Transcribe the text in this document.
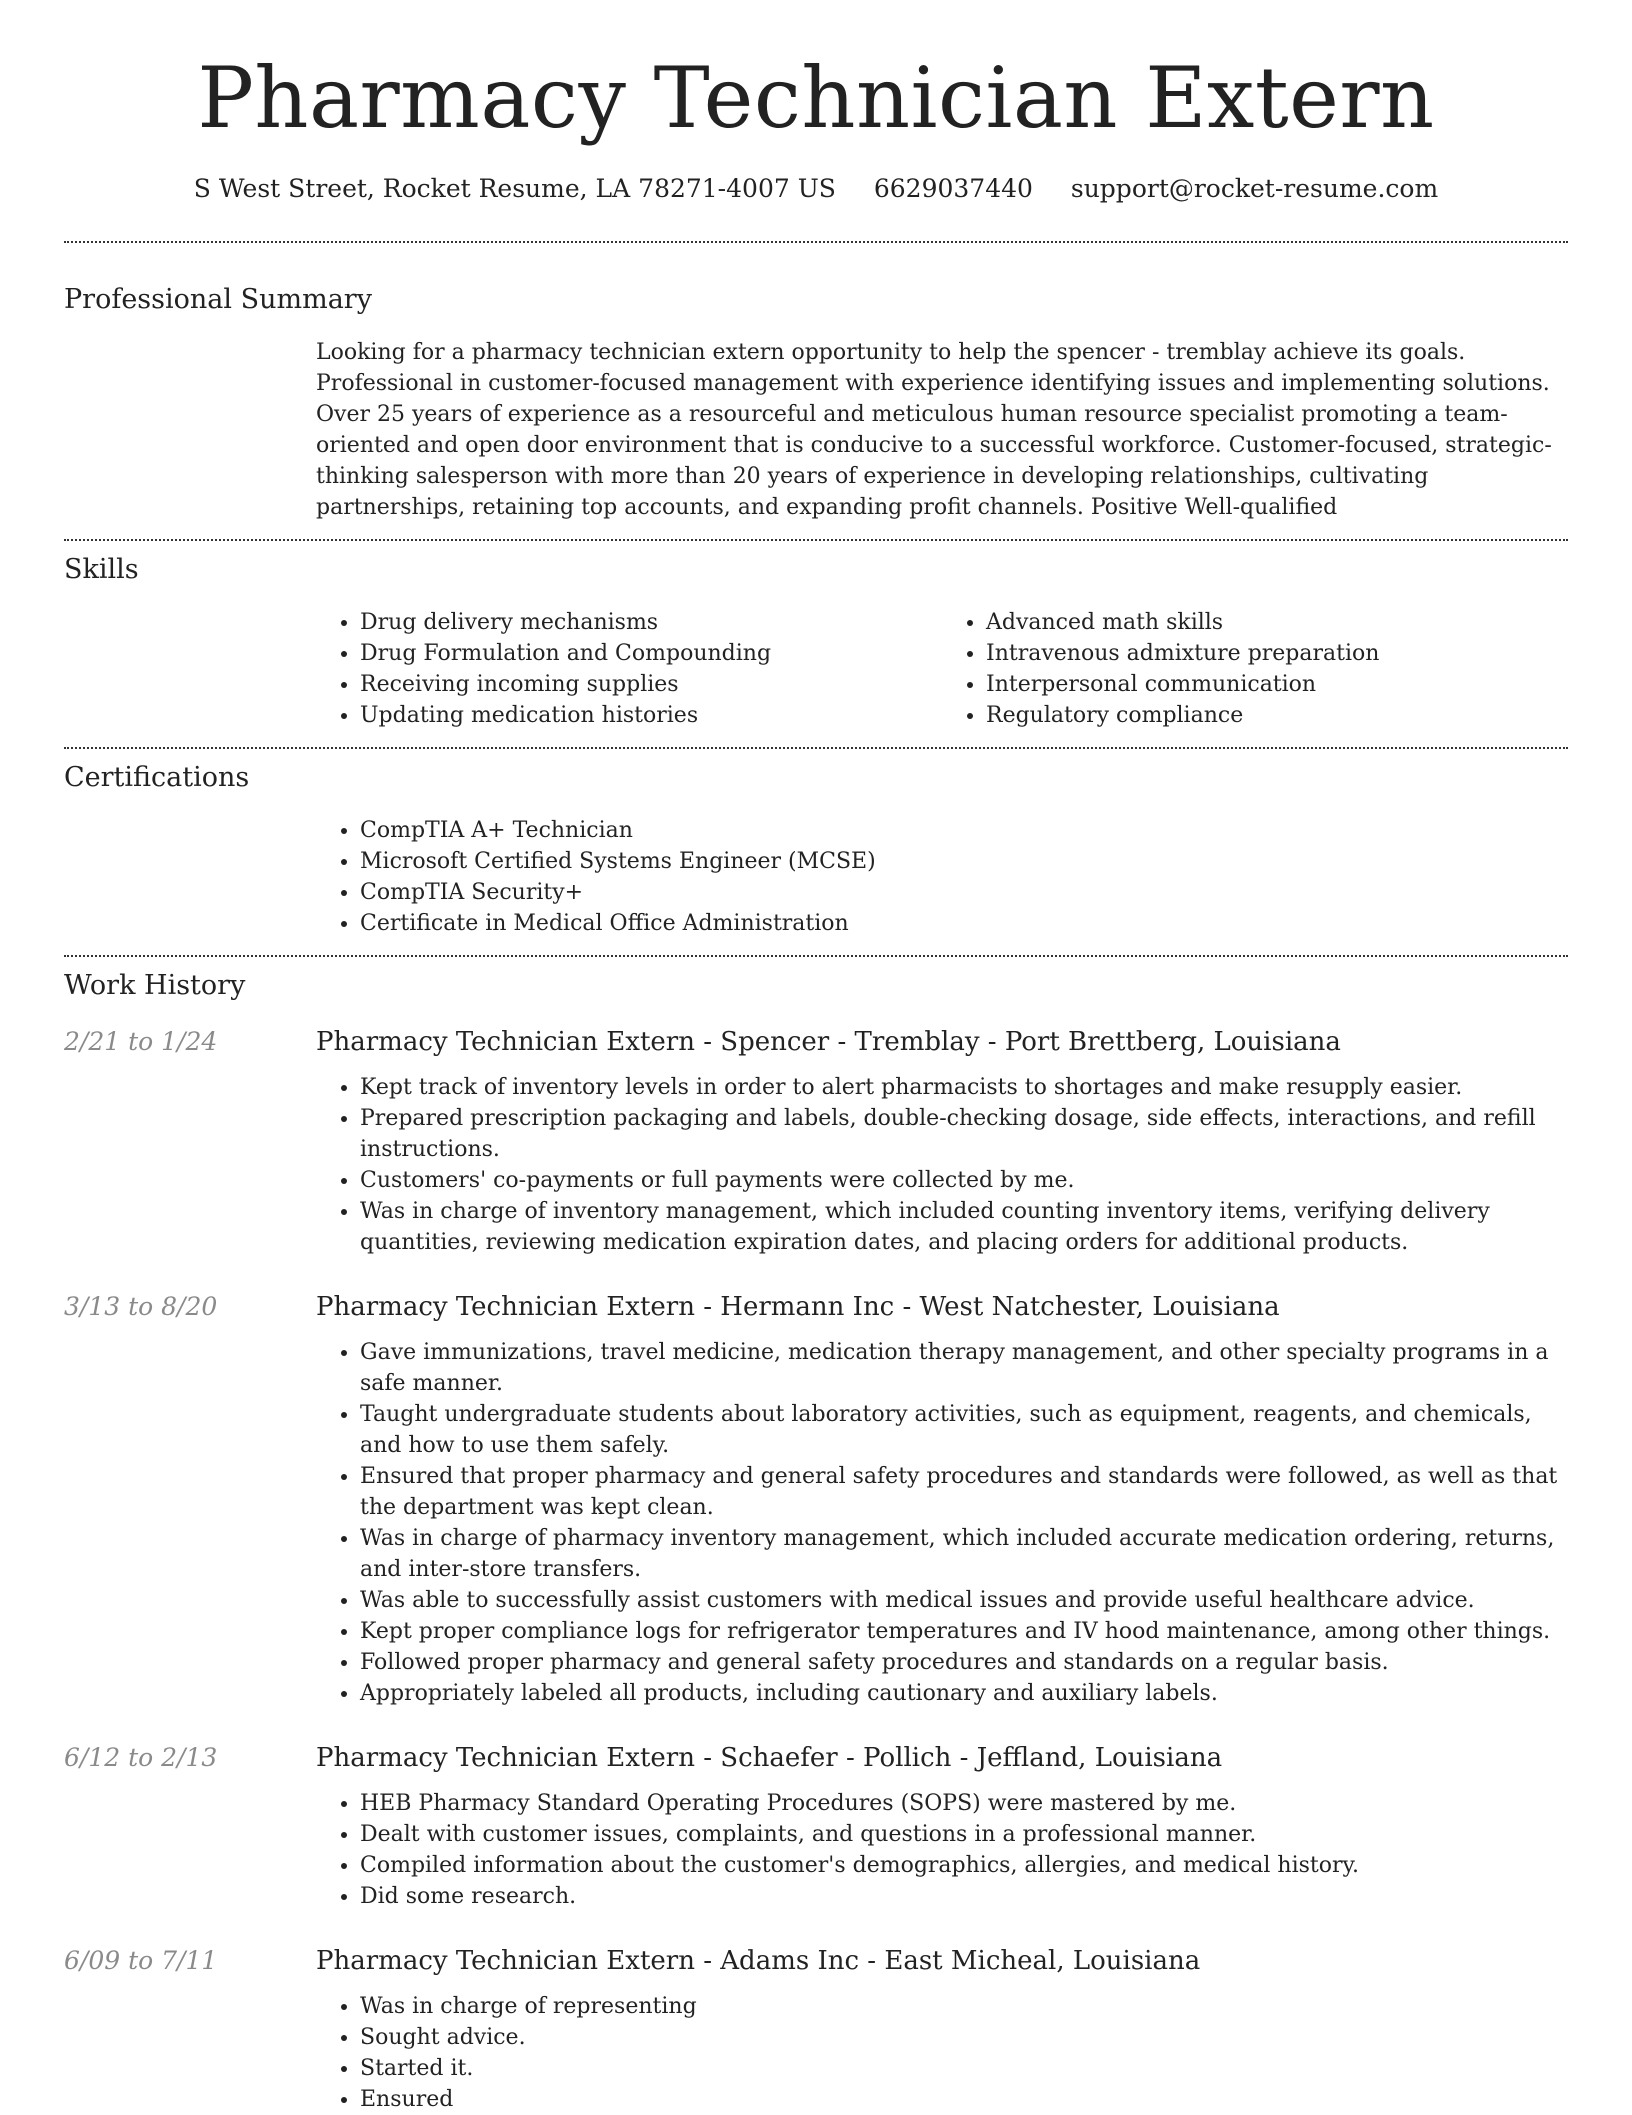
Pharmacy Technician Extern
S West Street, Rocket Resume, LA 78271-4007 US 6629037440 support@rocket-resume.com
Professional Summary

Looking for a pharmacy technician extern opportunity to help the spencer - tremblay achieve its goals. Professional in customer-focused management with experience identifying issues and implementing solutions. Over 25 years of experience as a resourceful and meticulous human resource specialist promoting a team-oriented and open door environment that is conducive to a successful workforce. Customer-focused, strategic-thinking salesperson with more than 20 years of experience in developing relationships, cultivating partnerships, retaining top accounts, and expanding profit channels. Positive Well-qualified

Skills
• Drug delivery mechanisms
• Drug Formulation and Compounding
• Receiving incoming supplies
• Updating medication histories
• Advanced math skills
• Intravenous admixture preparation
• Interpersonal communication
• Regulatory compliance
Certifications
• CompTIA A+ Technician
• Microsoft Certified Systems Engineer (MCSE)
• CompTIA Security+
• Certificate in Medical Office Administration
Work History
2/21 to 1/24	Pharmacy Technician Extern - Spencer - Tremblay - Port Brettberg, Louisiana
• Kept track of inventory levels in order to alert pharmacists to shortages and make resupply easier.
• Prepared prescription packaging and labels, double-checking dosage, side effects, interactions, and refill instructions.
• Customers' co-payments or full payments were collected by me.
• Was in charge of inventory management, which included counting inventory items, verifying delivery quantities, reviewing medication expiration dates, and placing orders for additional products.
3/13 to 8/20	Pharmacy Technician Extern - Hermann Inc - West Natchester, Louisiana
• Gave immunizations, travel medicine, medication therapy management, and other specialty programs in a safe manner.
• Taught undergraduate students about laboratory activities, such as equipment, reagents, and chemicals, and how to use them safely.
• Ensured that proper pharmacy and general safety procedures and standards were followed, as well as that the department was kept clean.
• Was in charge of pharmacy inventory management, which included accurate medication ordering, returns, and inter-store transfers.
• Was able to successfully assist customers with medical issues and provide useful healthcare advice.
• Kept proper compliance logs for refrigerator temperatures and IV hood maintenance, among other things.
• Followed proper pharmacy and general safety procedures and standards on a regular basis.
• Appropriately labeled all products, including cautionary and auxiliary labels.
6/12 to 2/13	Pharmacy Technician Extern - Schaefer - Pollich - Jeffland, Louisiana
• HEB Pharmacy Standard Operating Procedures (SOPS) were mastered by me.
• Dealt with customer issues, complaints, and questions in a professional manner.
• Compiled information about the customer's demographics, allergies, and medical history.
• Did some research.
6/09 to 7/11	Pharmacy Technician Extern - Adams Inc - East Micheal, Louisiana
• Was in charge of representing
• Sought advice.
• Started it.
• Ensured
